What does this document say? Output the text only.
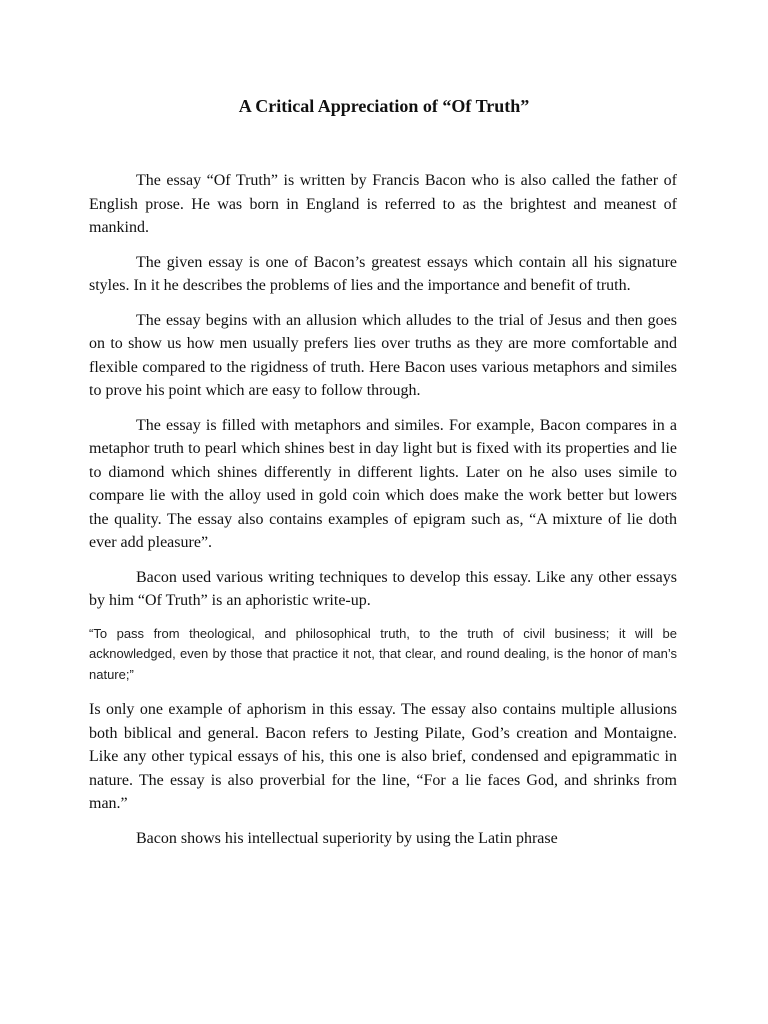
A Critical Appreciation of “Of Truth”

The essay “Of Truth” is written by Francis Bacon who is also called the father of English prose. He was born in England is referred to as the brightest and meanest of mankind.

The given essay is one of Bacon’s greatest essays which contain all his signature styles. In it he describes the problems of lies and the importance and benefit of truth.

The essay begins with an allusion which alludes to the trial of Jesus and then goes on to show us how men usually prefers lies over truths as they are more comfortable and flexible compared to the rigidness of truth. Here Bacon uses various metaphors and similes to prove his point which are easy to follow through.

The essay is filled with metaphors and similes. For example, Bacon compares in a metaphor truth to pearl which shines best in day light but is fixed with its properties and lie to diamond which shines differently in different lights. Later on he also uses simile to compare lie with the alloy used in gold coin which does make the work better but lowers the quality. The essay also contains examples of epigram such as, “A mixture of lie doth ever add pleasure”.

Bacon used various writing techniques to develop this essay. Like any other essays by him “Of Truth” is an aphoristic write-up.

“To pass from theological, and philosophical truth, to the truth of civil business; it will be acknowledged, even by those that practice it not, that clear, and round dealing, is the honor of man’s nature;”

Is only one example of aphorism in this essay. The essay also contains multiple allusions both biblical and general. Bacon refers to Jesting Pilate, God’s creation and Montaigne. Like any other typical essays of his, this one is also brief, condensed and epigrammatic in nature. The essay is also proverbial for the line, “For a lie faces God, and shrinks from man.”

Bacon shows his intellectual superiority by using the Latin phrase
